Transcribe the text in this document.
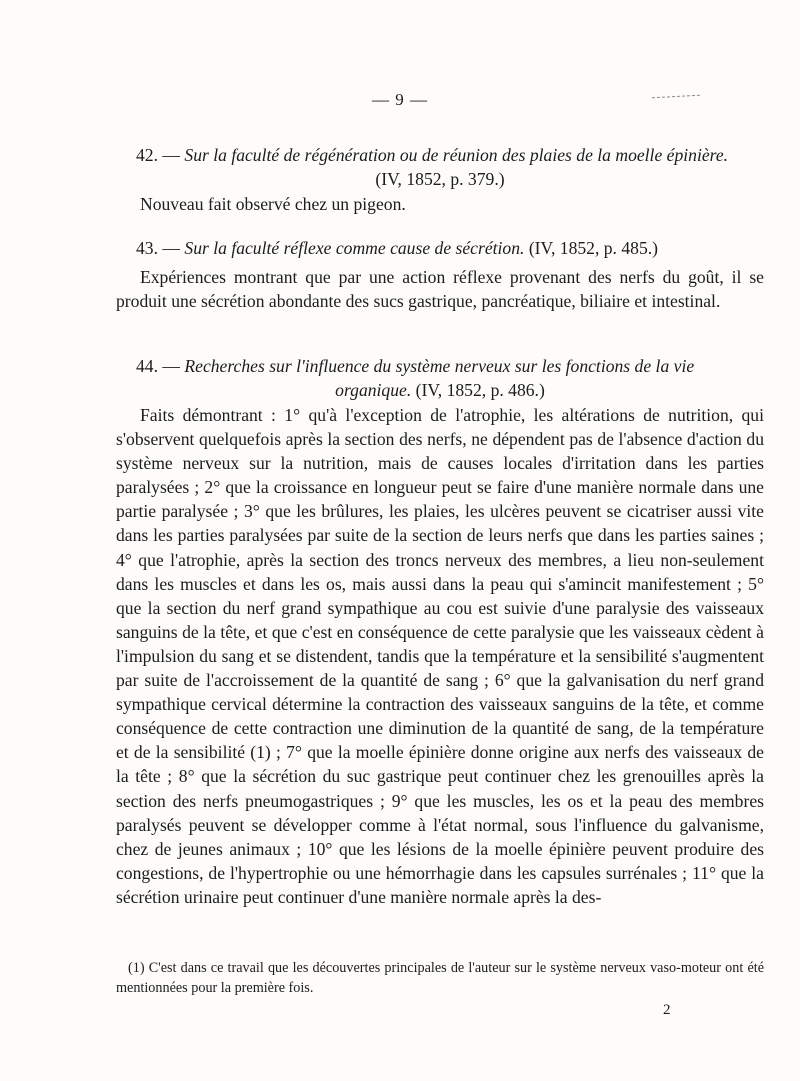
— 9 —

42. — Sur la faculté de régénération ou de réunion des plaies de la moelle épinière.

(IV, 1852, p. 379.)

Nouveau fait observé chez un pigeon.

43. — Sur la faculté réflexe comme cause de sécrétion. (IV, 1852, p. 485.)

Expériences montrant que par une action réflexe provenant des nerfs du goût, il se produit une sécrétion abondante des sucs gastrique, pancréatique, biliaire et intestinal.

44. — Recherches sur l'influence du système nerveux sur les fonctions de la vie

organique. (IV, 1852, p. 486.)

Faits démontrant : 1° qu'à l'exception de l'atrophie, les altérations de nutrition, qui s'observent quelquefois après la section des nerfs, ne dépendent pas de l'absence d'action du système nerveux sur la nutrition, mais de causes locales d'irritation dans les parties paralysées ; 2° que la croissance en longueur peut se faire d'une manière normale dans une partie paralysée ; 3° que les brûlures, les plaies, les ulcères peuvent se cicatriser aussi vite dans les parties paralysées par suite de la section de leurs nerfs que dans les parties saines ; 4° que l'atrophie, après la section des troncs nerveux des membres, a lieu non-seulement dans les muscles et dans les os, mais aussi dans la peau qui s'amincit manifestement ; 5° que la section du nerf grand sympathique au cou est suivie d'une paralysie des vaisseaux sanguins de la tête, et que c'est en conséquence de cette paralysie que les vaisseaux cèdent à l'impulsion du sang et se distendent, tandis que la température et la sensibilité s'augmentent par suite de l'accroissement de la quantité de sang ; 6° que la galvanisation du nerf grand sympathique cervical détermine la contraction des vaisseaux sanguins de la tête, et comme conséquence de cette contraction une diminution de la quantité de sang, de la température et de la sensibilité (1) ; 7° que la moelle épinière donne origine aux nerfs des vaisseaux de la tête ; 8° que la sécrétion du suc gastrique peut continuer chez les grenouilles après la section des nerfs pneumogastriques ; 9° que les muscles, les os et la peau des membres paralysés peuvent se développer comme à l'état normal, sous l'influence du galvanisme, chez de jeunes animaux ; 10° que les lésions de la moelle épinière peuvent produire des congestions, de l'hypertrophie ou une hémorrhagie dans les capsules surrénales ; 11° que la sécrétion urinaire peut continuer d'une manière normale après la des-

(1) C'est dans ce travail que les découvertes principales de l'auteur sur le système nerveux vaso-moteur ont été mentionnées pour la première fois.
2
